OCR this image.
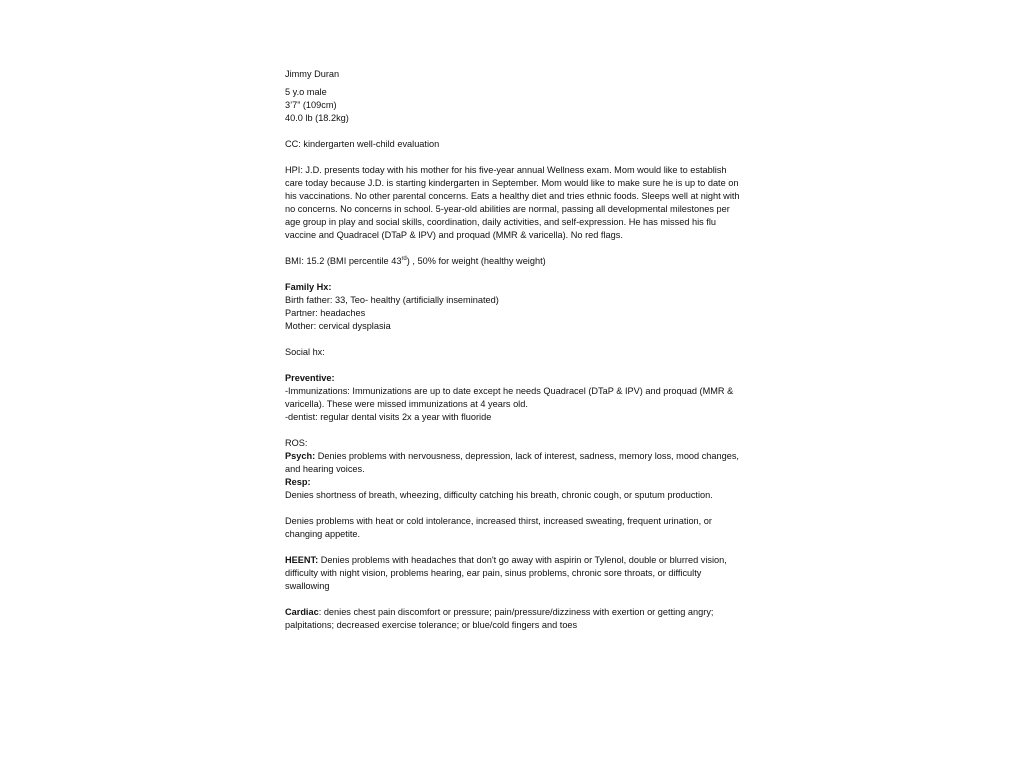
Jimmy Duran
5 y.o male
3’7” (109cm)
40.0 lb (18.2kg)
CC: kindergarten well-child evaluation
HPI: J.D. presents today with his mother for his five-year annual Wellness exam. Mom would like to establish care today because J.D. is starting kindergarten in September. Mom would like to make sure he is up to date on his vaccinations. No other parental concerns. Eats a healthy diet and tries ethnic foods. Sleeps well at night with no concerns. No concerns in school. 5-year-old abilities are normal, passing all developmental milestones per age group in play and social skills, coordination, daily activities, and self-expression. He has missed his flu vaccine and Quadracel (DTaP & IPV) and proquad (MMR & varicella). No red flags.
BMI: 15.2 (BMI percentile 43rd) , 50% for weight (healthy weight)
Family Hx:
Birth father: 33, Teo- healthy (artificially inseminated)
Partner: headaches
Mother: cervical dysplasia
Social hx:
Preventive:
-Immunizations: Immunizations are up to date except he needs Quadracel (DTaP & IPV) and proquad (MMR & varicella). These were missed immunizations at 4 years old.
-dentist: regular dental visits 2x a year with fluoride
ROS:
Psych: Denies problems with nervousness, depression, lack of interest, sadness, memory loss, mood changes, and hearing voices.
Resp:
Denies shortness of breath, wheezing, difficulty catching his breath, chronic cough, or sputum production.
Denies problems with heat or cold intolerance, increased thirst, increased sweating, frequent urination, or changing appetite.
HEENT: Denies problems with headaches that don't go away with aspirin or Tylenol, double or blurred vision, difficulty with night vision, problems hearing, ear pain, sinus problems, chronic sore throats, or difficulty swallowing
Cardiac: denies chest pain discomfort or pressure; pain/pressure/dizziness with exertion or getting angry; palpitations; decreased exercise tolerance; or blue/cold fingers and toes
